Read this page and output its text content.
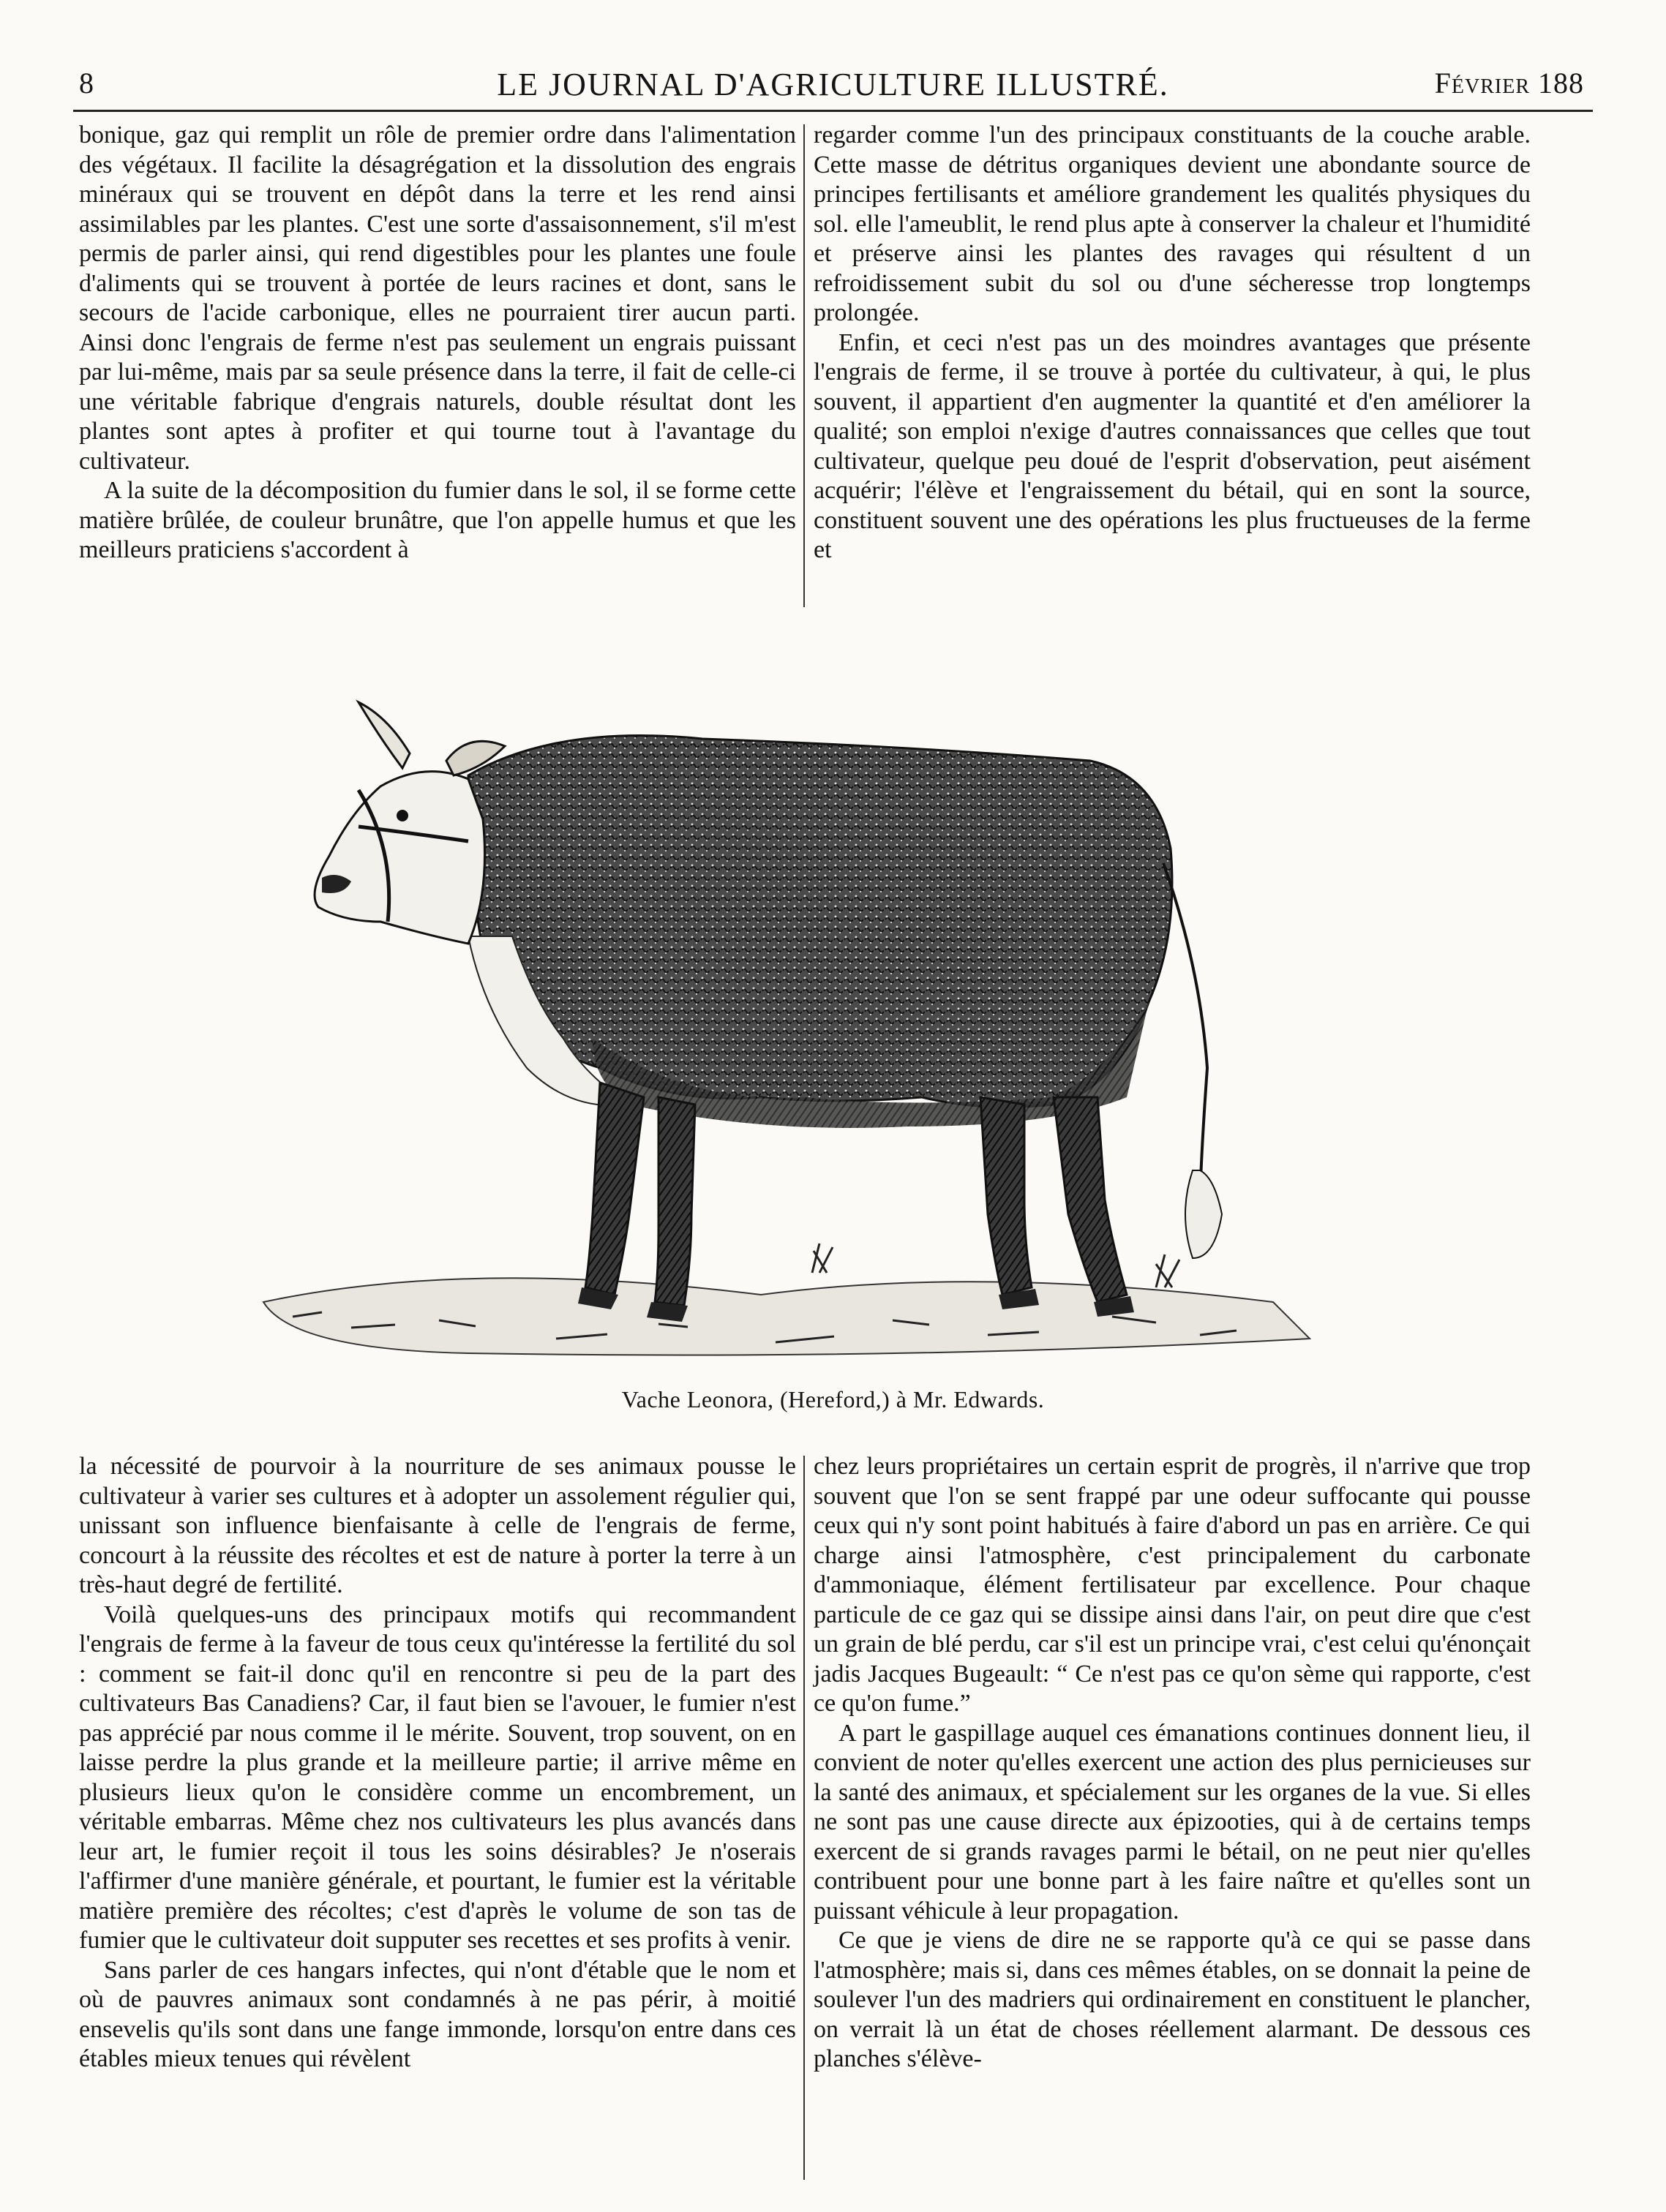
8	LE JOURNAL D'AGRICULTURE ILLUSTRÉ.	Février 188

bonique, gaz qui remplit un rôle de premier ordre dans l'alimentation des végétaux. Il facilite la désagrégation et la dissolution des engrais minéraux qui se trouvent en dépôt dans la terre et les rend ainsi assimilables par les plantes. C'est une sorte d'assaisonnement, s'il m'est permis de parler ainsi, qui rend digestibles pour les plantes une foule d'aliments qui se trouvent à portée de leurs racines et dont, sans le secours de l'acide carbonique, elles ne pourraient tirer aucun parti. Ainsi donc l'engrais de ferme n'est pas seulement un engrais puissant par lui-même, mais par sa seule présence dans la terre, il fait de celle-ci une véritable fabrique d'engrais naturels, double résultat dont les plantes sont aptes à profiter et qui tourne tout à l'avantage du cultivateur.

A la suite de la décomposition du fumier dans le sol, il se forme cette matière brûlée, de couleur brunâtre, que l'on appelle humus et que les meilleurs praticiens s'accordent à

regarder comme l'un des principaux constituants de la couche arable. Cette masse de détritus organiques devient une abondante source de principes fertilisants et améliore grandement les qualités physiques du sol. elle l'ameublit, le rend plus apte à conserver la chaleur et l'humidité et préserve ainsi les plantes des ravages qui résultent d un refroidissement subit du sol ou d'une sécheresse trop longtemps prolongée.

Enfin, et ceci n'est pas un des moindres avantages que présente l'engrais de ferme, il se trouve à portée du cultivateur, à qui, le plus souvent, il appartient d'en augmenter la quantité et d'en améliorer la qualité; son emploi n'exige d'autres connaissances que celles que tout cultivateur, quelque peu doué de l'esprit d'observation, peut aisément acquérir; l'élève et l'engraissement du bétail, qui en sont la source, constituent souvent une des opérations les plus fructueuses de la ferme et

Vache Leonora, (Hereford,) à Mr. Edwards.

la nécessité de pourvoir à la nourriture de ses animaux pousse le cultivateur à varier ses cultures et à adopter un assolement régulier qui, unissant son influence bienfaisante à celle de l'engrais de ferme, concourt à la réussite des récoltes et est de nature à porter la terre à un très-haut degré de fertilité.

Voilà quelques-uns des principaux motifs qui recommandent l'engrais de ferme à la faveur de tous ceux qu'intéresse la fertilité du sol : comment se fait-il donc qu'il en rencontre si peu de la part des cultivateurs Bas Canadiens? Car, il faut bien se l'avouer, le fumier n'est pas apprécié par nous comme il le mérite. Souvent, trop souvent, on en laisse perdre la plus grande et la meilleure partie; il arrive même en plusieurs lieux qu'on le considère comme un encombrement, un véritable embarras. Même chez nos cultivateurs les plus avancés dans leur art, le fumier reçoit il tous les soins désirables? Je n'oserais l'affirmer d'une manière générale, et pourtant, le fumier est la véritable matière première des récoltes; c'est d'après le volume de son tas de fumier que le cultivateur doit supputer ses recettes et ses profits à venir.

Sans parler de ces hangars infectes, qui n'ont d'étable que le nom et où de pauvres animaux sont condamnés à ne pas périr, à moitié ensevelis qu'ils sont dans une fange immonde, lorsqu'on entre dans ces étables mieux tenues qui révèlent

chez leurs propriétaires un certain esprit de progrès, il n'arrive que trop souvent que l'on se sent frappé par une odeur suffocante qui pousse ceux qui n'y sont point habitués à faire d'abord un pas en arrière. Ce qui charge ainsi l'atmosphère, c'est principalement du carbonate d'ammoniaque, élément fertilisateur par excellence. Pour chaque particule de ce gaz qui se dissipe ainsi dans l'air, on peut dire que c'est un grain de blé perdu, car s'il est un principe vrai, c'est celui qu'énonçait jadis Jacques Bugeault: “ Ce n'est pas ce qu'on sème qui rapporte, c'est ce qu'on fume.”

A part le gaspillage auquel ces émanations continues donnent lieu, il convient de noter qu'elles exercent une action des plus pernicieuses sur la santé des animaux, et spécialement sur les organes de la vue. Si elles ne sont pas une cause directe aux épizooties, qui à de certains temps exercent de si grands ravages parmi le bétail, on ne peut nier qu'elles contribuent pour une bonne part à les faire naître et qu'elles sont un puissant véhicule à leur propagation.

Ce que je viens de dire ne se rapporte qu'à ce qui se passe dans l'atmosphère; mais si, dans ces mêmes étables, on se donnait la peine de soulever l'un des madriers qui ordinairement en constituent le plancher, on verrait là un état de choses réellement alarmant. De dessous ces planches s'élève-
